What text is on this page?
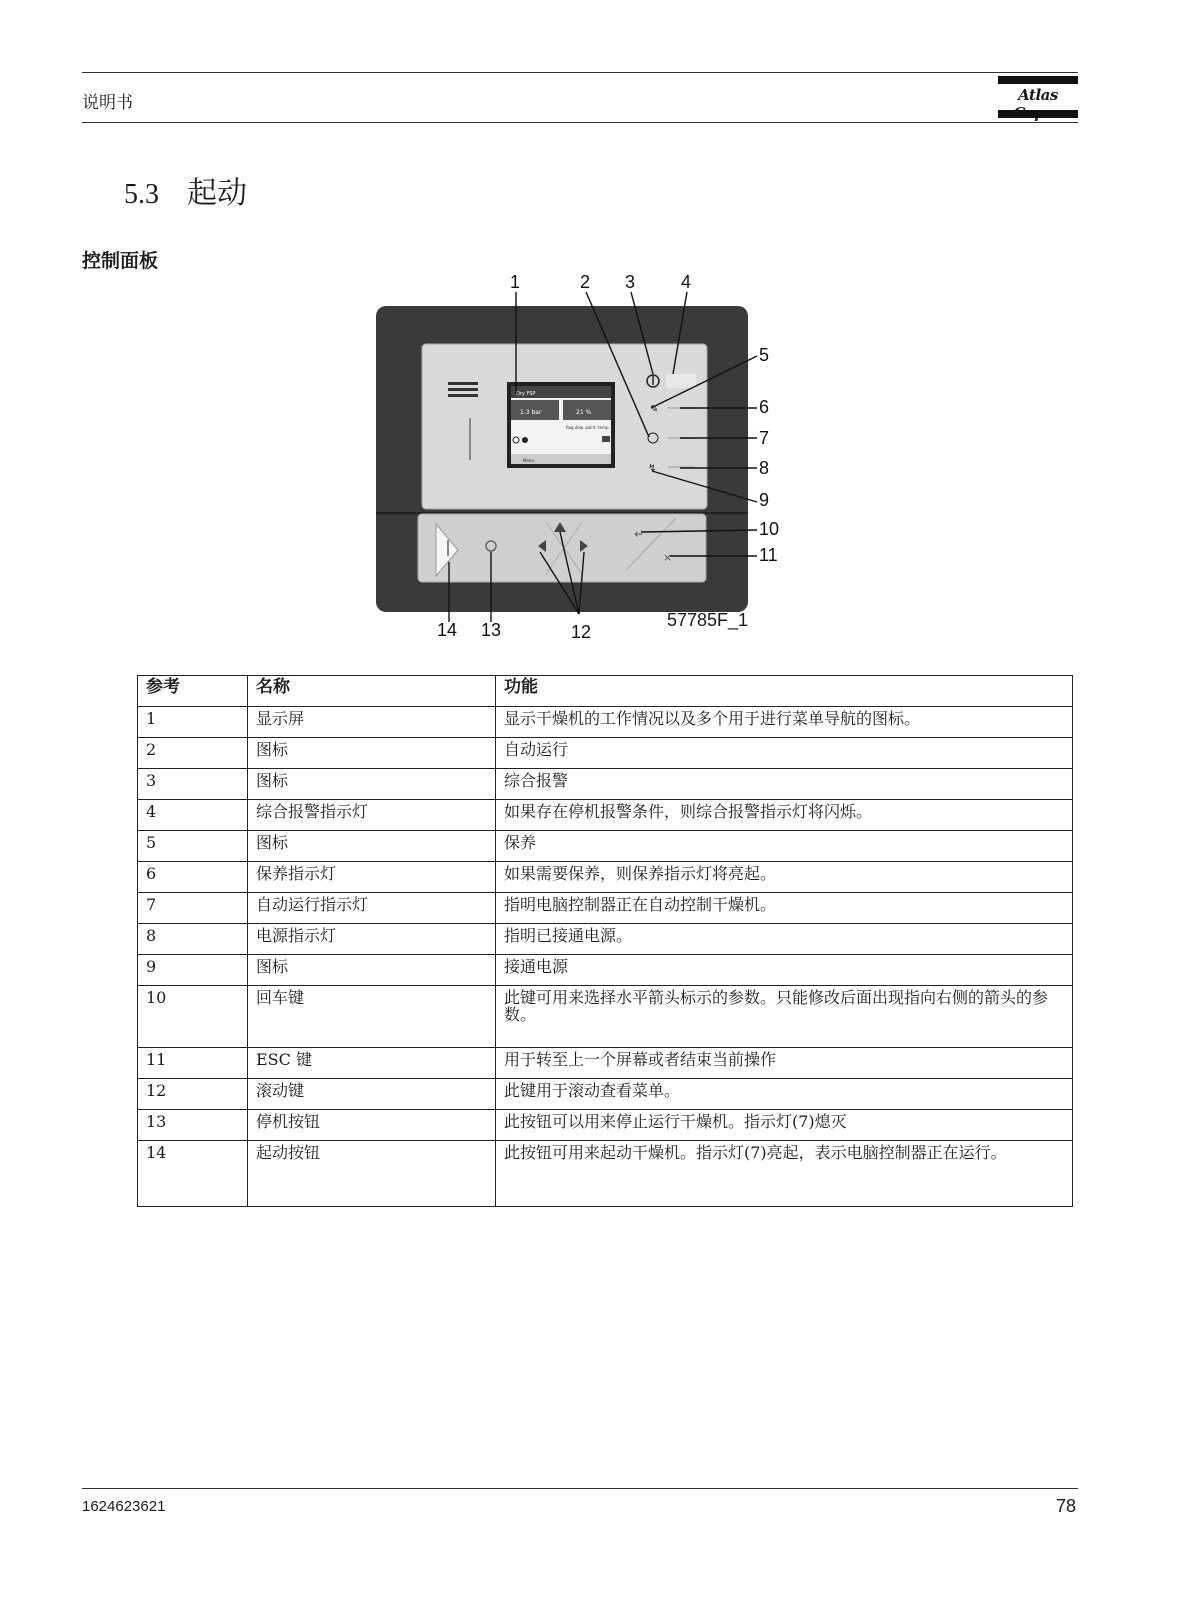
说明书	Atlas
5.3 起动
控制面板
Dry FSP
1.3 bar	21 %
Reg.dew. point. temp.
Menu
✎
↯
↵
×
1	2 3	4
5
6
7
8
9
10
11
12
13
14	57785F_1
参考	名称	功能
1	显示屏	显示干燥机的工作情况以及多个用于进行菜单导航的图标。
2	图标	自动运行
3	图标	综合报警
4	综合报警指示灯	如果存在停机报警条件，则综合报警指示灯将闪烁。
5	图标	保养
6	保养指示灯	如果需要保养，则保养指示灯将亮起。
7	自动运行指示灯	指明电脑控制器正在自动控制干燥机。
8	电源指示灯	指明已接通电源。
9	图标	接通电源
10	回车键	此键可用来选择水平箭头标示的参数。只能修改后面出现指向右侧的箭头的参数。
11	ESC 键	用于转至上一个屏幕或者结束当前操作
12	滚动键	此键用于滚动查看菜单。
13	停机按钮	此按钮可以用来停止运行干燥机。指示灯(7)熄灭
14	起动按钮	此按钮可用来起动干燥机。指示灯(7)亮起，表示电脑控制器正在运行。
1624623621	78
